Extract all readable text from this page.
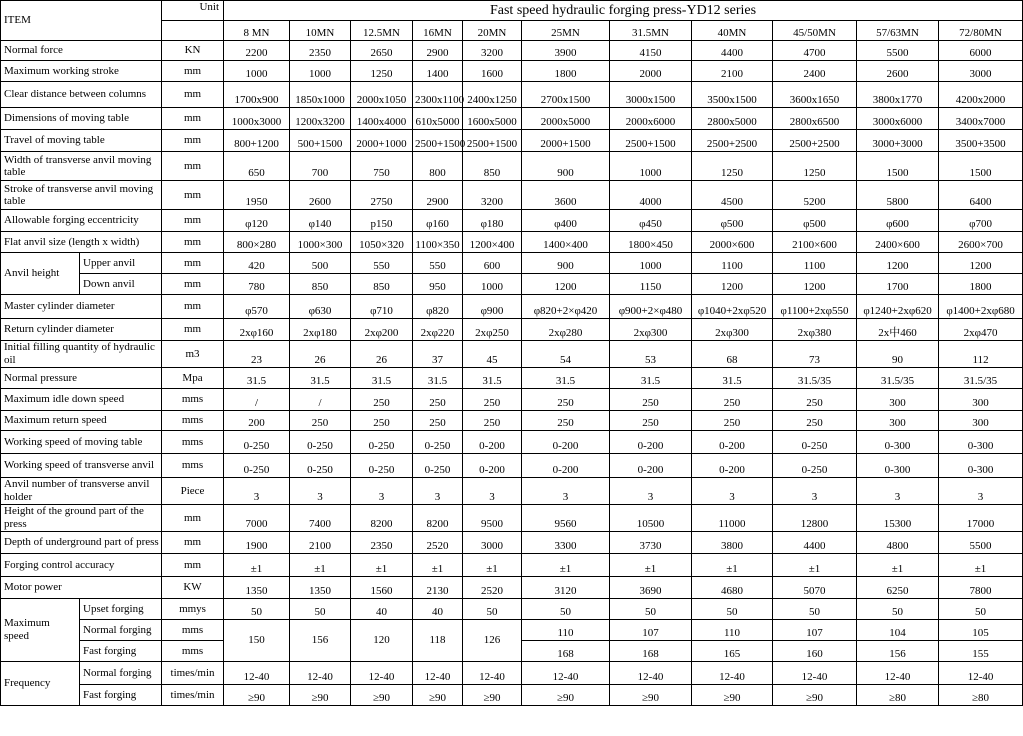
ITEM		Unit	Fast speed hydraulic forging press-YD12 series										
			8 MN	10MN	12.5MN	16MN	20MN	25MN	31.5MN	40MN	45/50MN	57/63MN	72/80MN
Normal force		KN	2200	2350	2650	2900	3200	3900	4150	4400	4700	5500	6000
Maximum working stroke		mm	1000	1000	1250	1400	1600	1800	2000	2100	2400	2600	3000
Clear distance between columns		mm	1700x900	1850x1000	2000x1050	2300x1100	2400x1250	2700x1500	3000x1500	3500x1500	3600x1650	3800x1770	4200x2000
Dimensions of moving table		mm	1000x3000	1200x3200	1400x4000	610x5000	1600x5000	2000x5000	2000x6000	2800x5000	2800x6500	3000x6000	3400x7000
Travel of moving table		mm	800+1200	500+1500	2000+1000	2500+1500	2500+1500	2000+1500	2500+1500	2500+2500	2500+2500	3000+3000	3500+3500
Width of transverse anvil moving table		mm	650	700	750	800	850	900	1000	1250	1250	1500	1500
Stroke of transverse anvil moving table		mm	1950	2600	2750	2900	3200	3600	4000	4500	5200	5800	6400
Allowable forging eccentricity		mm	φ120	φ140	p150	φ160	φ180	φ400	φ450	φ500	φ500	φ600	φ700
Flat anvil size (length x width)		mm	800×280	1000×300	1050×320	1100×350	1200×400	1400×400	1800×450	2000×600	2100×600	2400×600	2600×700
Anvil height	Upper anvil	mm	420	500	550	550	600	900	1000	1100	1100	1200	1200
	Down anvil	mm	780	850	850	950	1000	1200	1150	1200	1200	1700	1800
Master cylinder diameter		mm	φ570	φ630	φ710	φ820	φ900	φ820+2×φ420	φ900+2×φ480	φ1040+2xφ520	φ1100+2xφ550	φ1240+2xφ620	φ1400+2xφ680
Return cylinder diameter		mm	2xφ160	2xφ180	2xφ200	2xφ220	2xφ250	2xφ280	2xφ300	2xφ300	2xφ380	2x中460	2xφ470
Initial filling quantity of hydraulic oil		m3	23	26	26	37	45	54	53	68	73	90	112
Normal pressure		Mpa	31.5	31.5	31.5	31.5	31.5	31.5	31.5	31.5	31.5/35	31.5/35	31.5/35
Maximum idle down speed		mms	/	/	250	250	250	250	250	250	250	300	300
Maximum return speed		mms	200	250	250	250	250	250	250	250	250	300	300
Working speed of moving table		mms	0-250	0-250	0-250	0-250	0-200	0-200	0-200	0-200	0-250	0-300	0-300
Working speed of transverse anvil		mms	0-250	0-250	0-250	0-250	0-200	0-200	0-200	0-200	0-250	0-300	0-300
Anvil number of transverse anvil holder		Piece	3	3	3	3	3	3	3	3	3	3	3
Height of the ground part of the press		mm	7000	7400	8200	8200	9500	9560	10500	11000	12800	15300	17000
Depth of underground part of press		mm	1900	2100	2350	2520	3000	3300	3730	3800	4400	4800	5500
Forging control accuracy		mm	±1	±1	±1	±1	±1	±1	±1	±1	±1	±1	±1
Motor power		KW	1350	1350	1560	2130	2520	3120	3690	4680	5070	6250	7800
Maximum speed	Upset forging	mmys	50	50	40	40	50	50	50	50	50	50	50
	Normal forging	mms	150	156	120	118	126	110	107	110	107	104	105
	Fast forging	mms						168	168	165	160	156	155
Frequency	Normal forging	times/min	12-40	12-40	12-40	12-40	12-40	12-40	12-40	12-40	12-40	12-40	12-40
	Fast forging	times/min	≥90	≥90	≥90	≥90	≥90	≥90	≥90	≥90	≥90	≥80	≥80
